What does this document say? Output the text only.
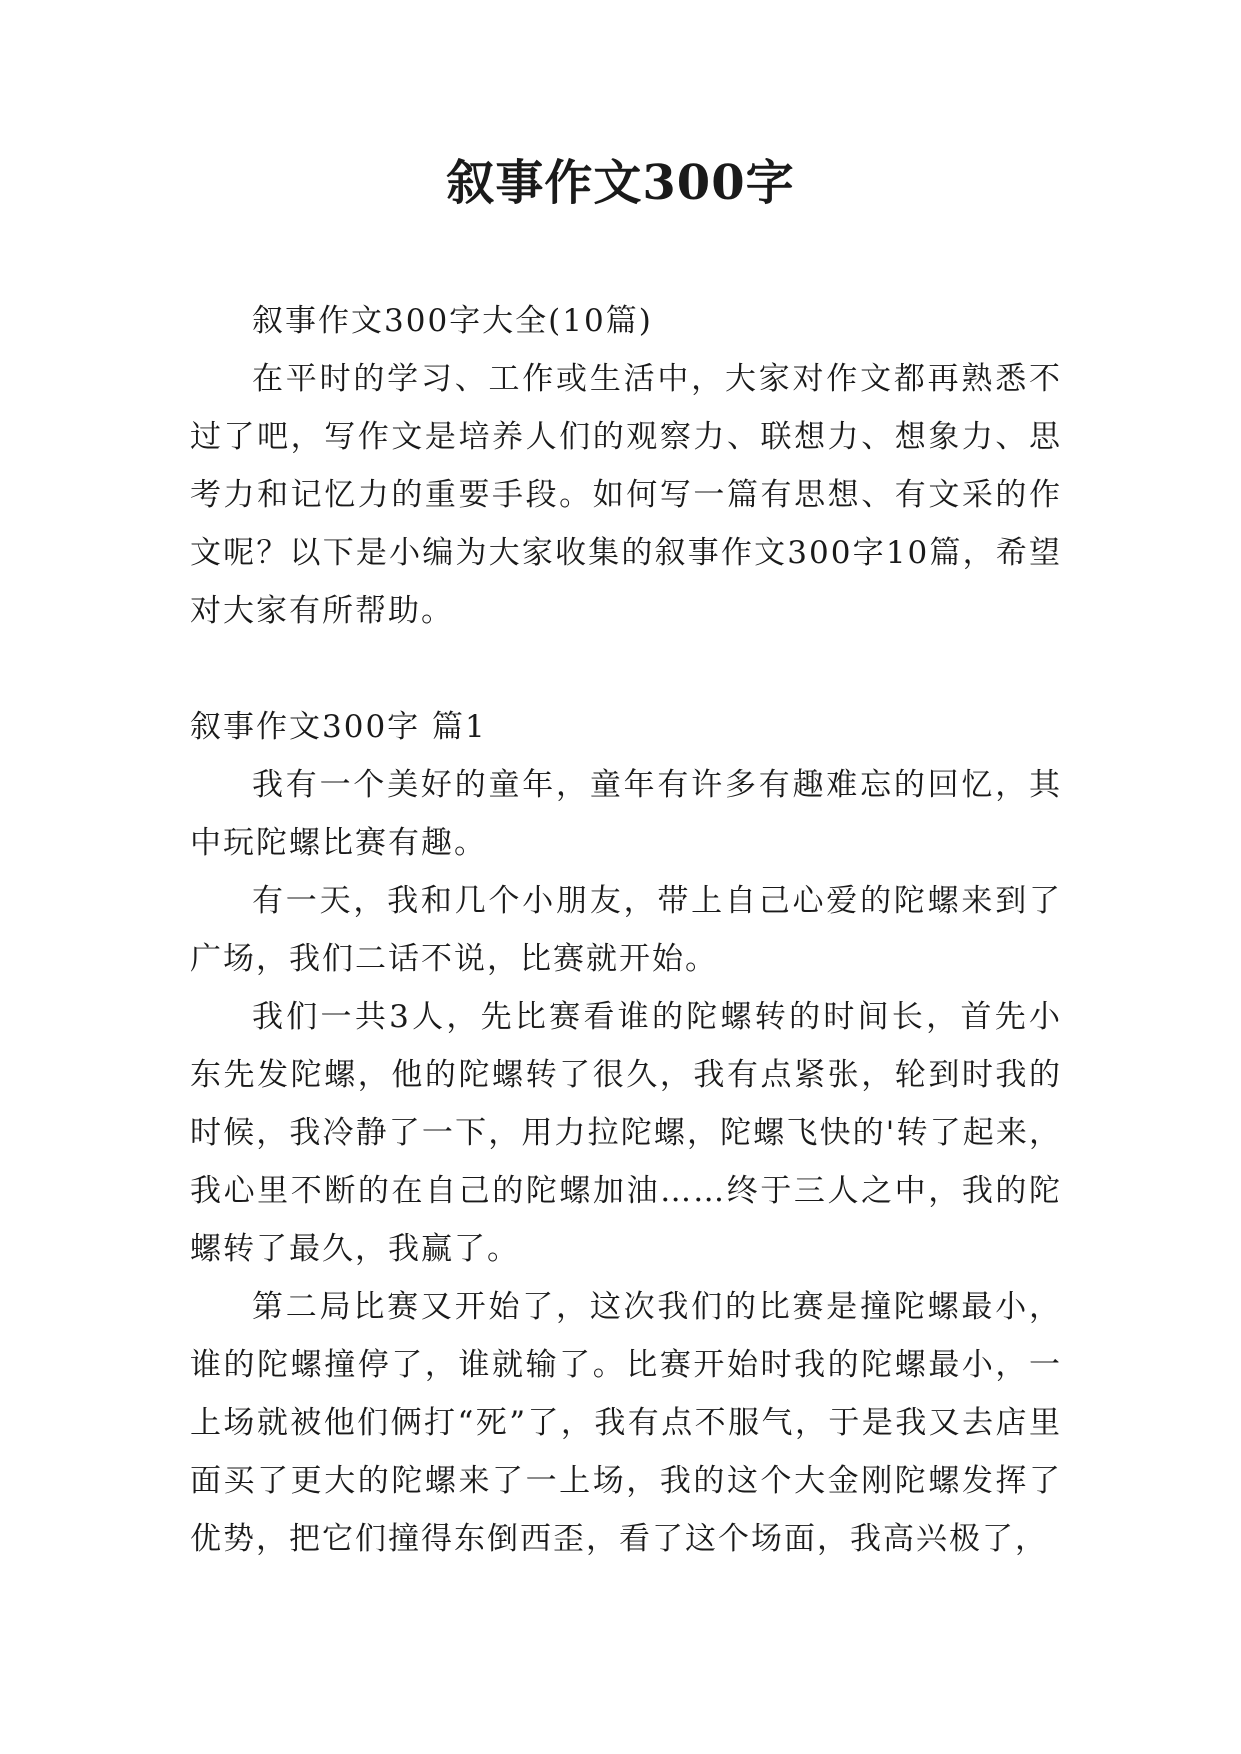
叙事作文300字

叙事作文300字大全(10篇)

在平时的学习、工作或生活中，大家对作文都再熟悉不过了吧，写作文是培养人们的观察力、联想力、想象力、思考力和记忆力的重要手段。如何写一篇有思想、有文采的作文呢？以下是小编为大家收集的叙事作文300字10篇，希望对大家有所帮助。

叙事作文300字 篇1

我有一个美好的童年，童年有许多有趣难忘的回忆，其中玩陀螺比赛有趣。

有一天，我和几个小朋友，带上自己心爱的陀螺来到了广场，我们二话不说，比赛就开始。

我们一共3人，先比赛看谁的陀螺转的时间长，首先小东先发陀螺，他的陀螺转了很久，我有点紧张，轮到时我的时候，我冷静了一下，用力拉陀螺，陀螺飞快的'转了起来，我心里不断的在自己的陀螺加油……终于三人之中，我的陀螺转了最久，我赢了。

第二局比赛又开始了，这次我们的比赛是撞陀螺最小，谁的陀螺撞停了，谁就输了。比赛开始时我的陀螺最小，一上场就被他们俩打“死”了，我有点不服气，于是我又去店里面买了更大的陀螺来了一上场，我的这个大金刚陀螺发挥了优势，把它们撞得东倒西歪，看了这个场面，我高兴极了，
